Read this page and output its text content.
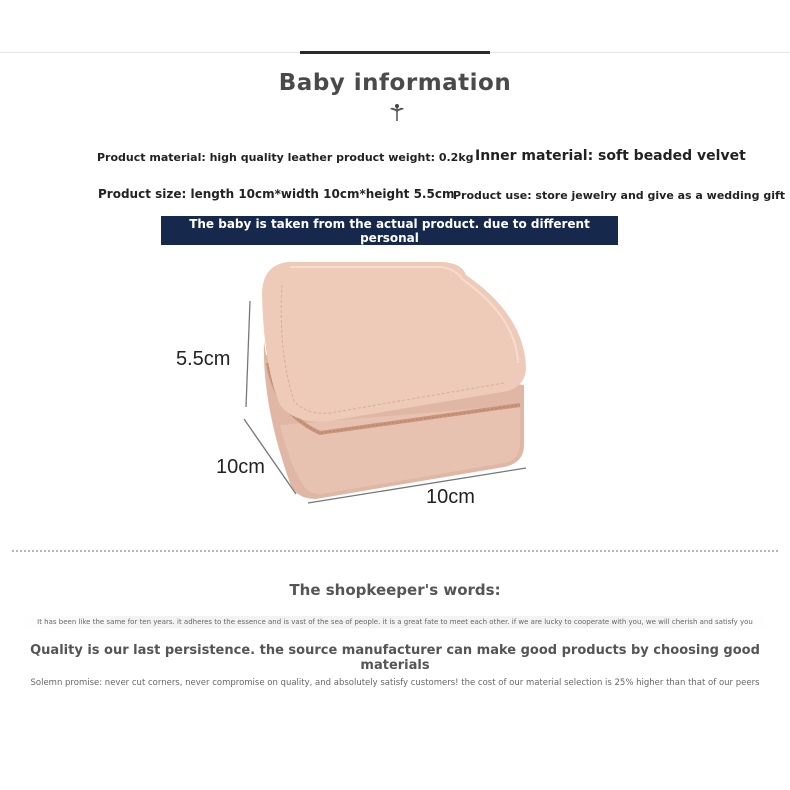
Baby information
Product material: high quality leather product weight: 0.2kg Inner material: soft beaded velvet
Product size: length 10cm*width 10cm*height 5.5cm
Product use: store jewelry and give as a wedding gift
The baby is taken from the actual product. due to different personal
monitors, there may be color differences
5.5cm
10cm
10cm
The shopkeeper's words:
It has been like the same for ten years. it adheres to the essence and is vast of the sea of people. it is a great fate to meet each other. if we are lucky to cooperate with you, we will cherish and satisfy you
Quality is our last persistence. the source manufacturer can make good products by choosing good materials
Solemn promise: never cut corners, never compromise on quality, and absolutely satisfy customers! the cost of our material selection is 25% higher than that of our peers
